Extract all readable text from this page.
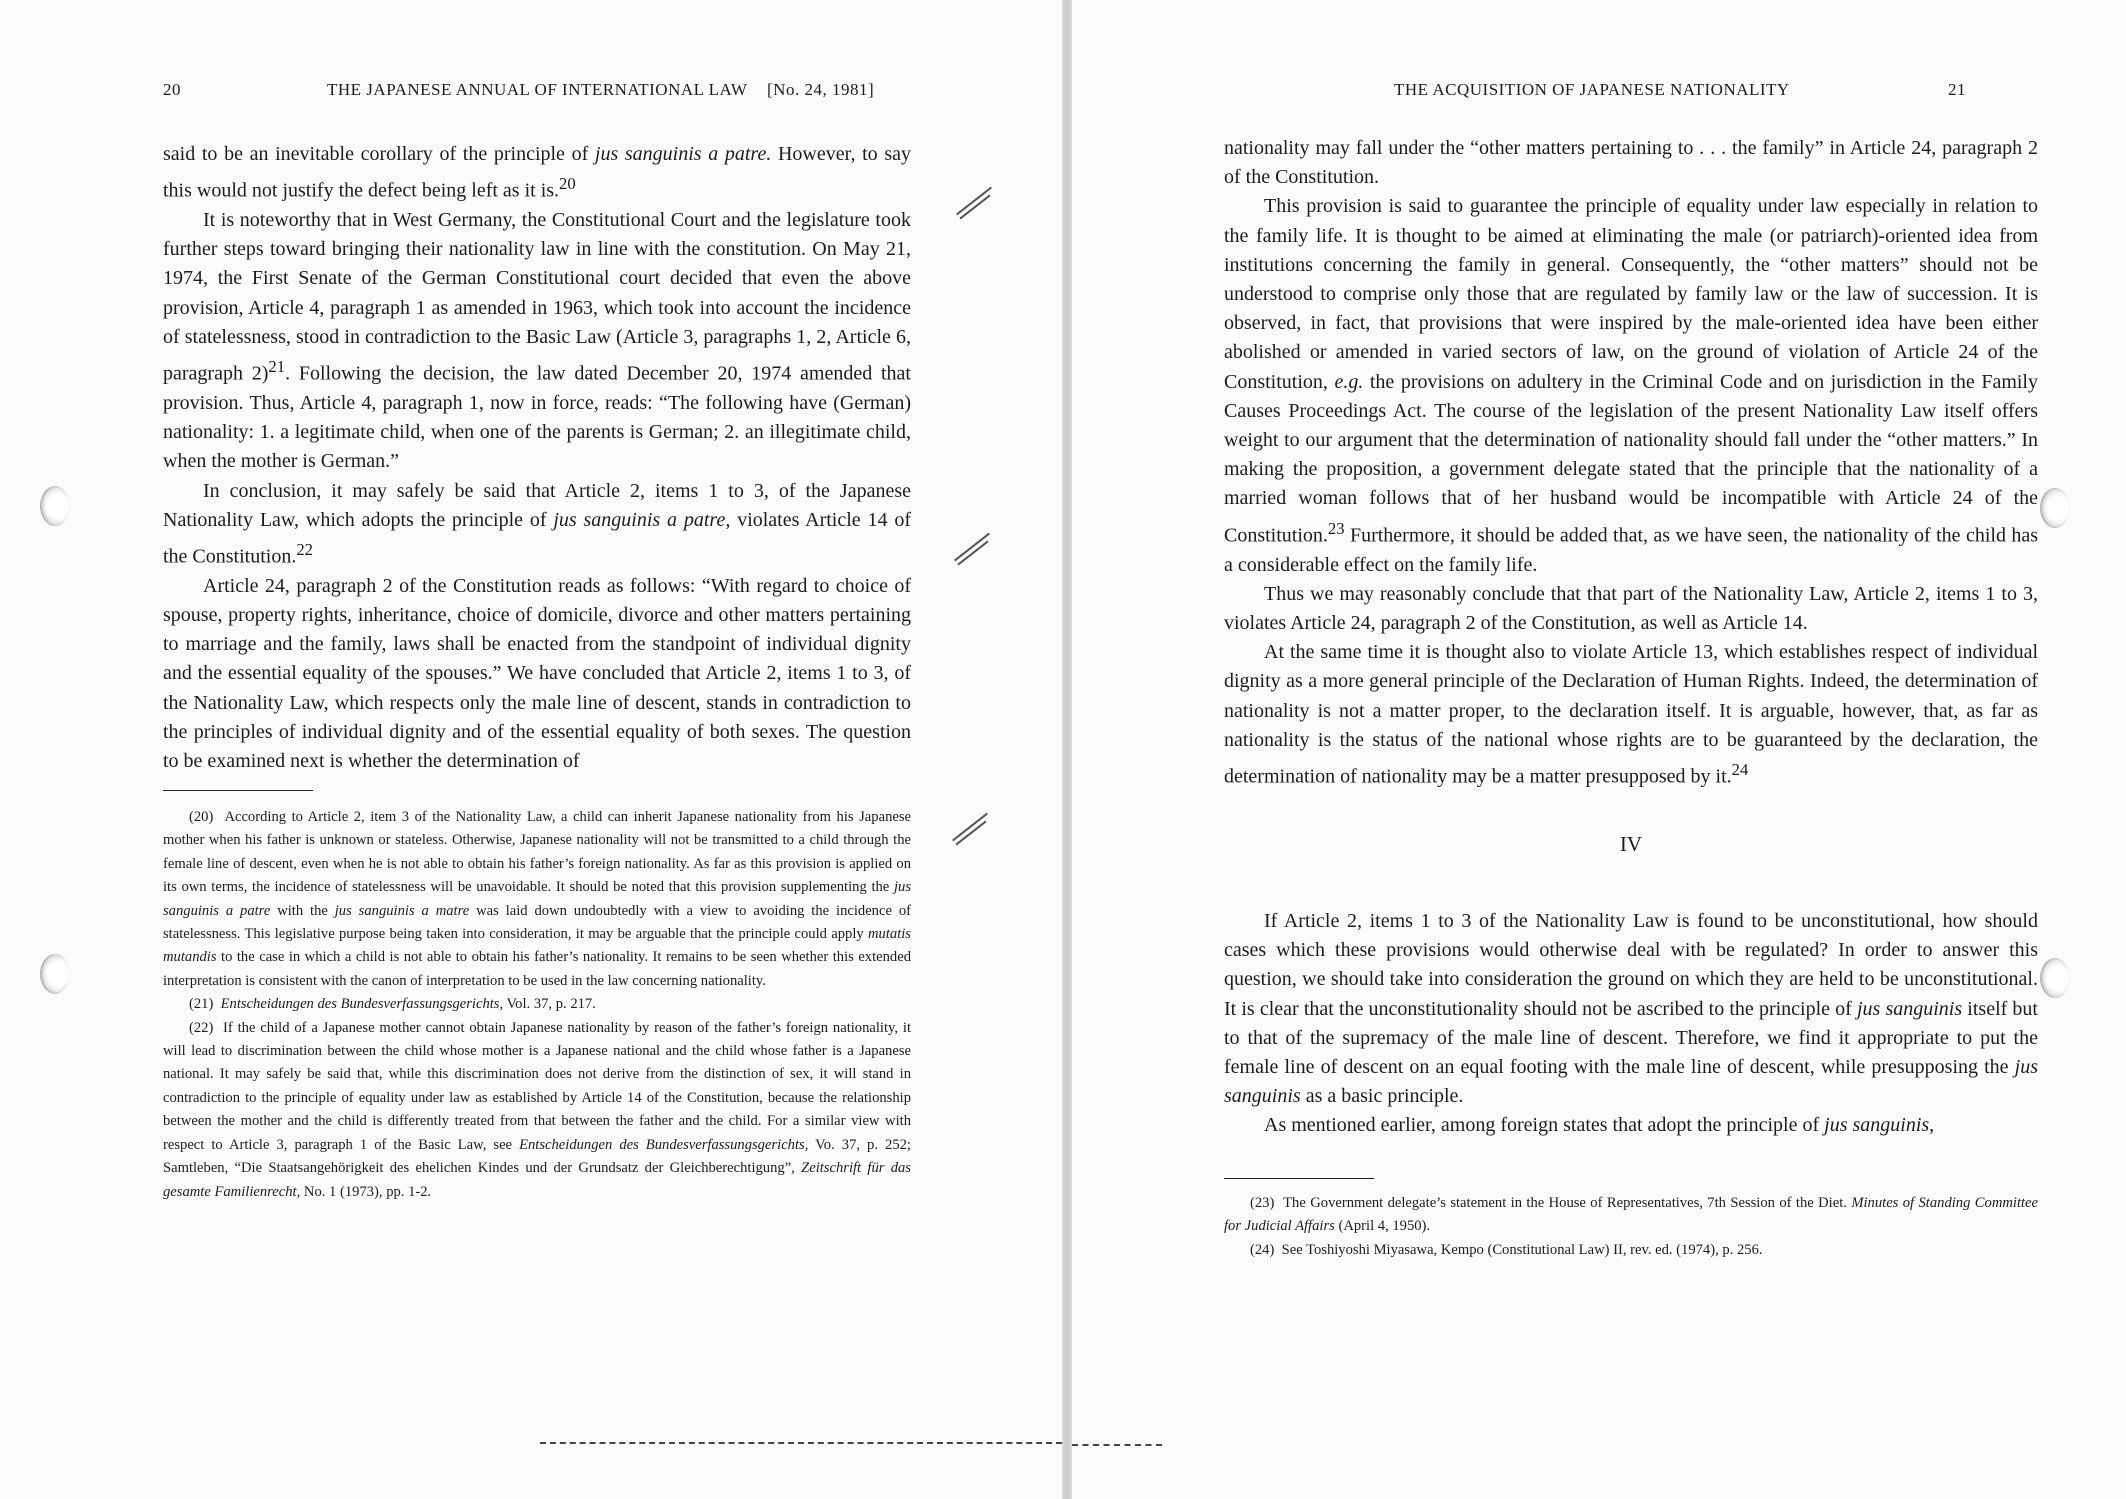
20	THE JAPANESE ANNUAL OF INTERNATIONAL LAW [No. 24, 1981]

said to be an inevitable corollary of the principle of jus sanguinis a patre. However, to say this would not justify the defect being left as it is.$^{20}$

It is noteworthy that in West Germany, the Constitutional Court and the legislature took further steps toward bringing their nationality law in line with the constitution. On May 21, 1974, the First Senate of the German Constitutional court decided that even the above provision, Article 4, paragraph 1 as amended in 1963, which took into account the incidence of statelessness, stood in contradiction to the Basic Law (Article 3, paragraphs 1, 2, Article 6, paragraph 2)$^{21}$. Following the decision, the law dated December 20, 1974 amended that provision. Thus, Article 4, paragraph 1, now in force, reads: “The following have (German) nationality: 1. a legitimate child, when one of the parents is German; 2. an illegitimate child, when the mother is German.”

In conclusion, it may safely be said that Article 2, items 1 to 3, of the Japanese Nationality Law, which adopts the principle of jus sanguinis a patre, violates Article 14 of the Constitution.$^{22}$

Article 24, paragraph 2 of the Constitution reads as follows: “With regard to choice of spouse, property rights, inheritance, choice of domicile, divorce and other matters pertaining to marriage and the family, laws shall be enacted from the standpoint of individual dignity and the essential equality of the spouses.” We have concluded that Article 2, items 1 to 3, of the Nationality Law, which respects only the male line of descent, stands in contradiction to the principles of individual dignity and of the essential equality of both sexes. The question to be examined next is whether the determination of

(20) According to Article 2, item 3 of the Nationality Law, a child can inherit Japanese nationality from his Japanese mother when his father is unknown or stateless. Otherwise, Japanese nationality will not be transmitted to a child through the female line of descent, even when he is not able to obtain his father’s foreign nationality. As far as this provision is applied on its own terms, the incidence of statelessness will be unavoidable. It should be noted that this provision supplementing the jus sanguinis a patre with the jus sanguinis a matre was laid down undoubtedly with a view to avoiding the incidence of statelessness. This legislative purpose being taken into consideration, it may be arguable that the principle could apply mutatis mutandis to the case in which a child is not able to obtain his father’s nationality. It remains to be seen whether this extended interpretation is consistent with the canon of interpretation to be used in the law concerning nationality.

(21) Entscheidungen des Bundesverfassungsgerichts, Vol. 37, p. 217.

(22) If the child of a Japanese mother cannot obtain Japanese nationality by reason of the father’s foreign nationality, it will lead to discrimination between the child whose mother is a Japanese national and the child whose father is a Japanese national. It may safely be said that, while this discrimination does not derive from the distinction of sex, it will stand in contradiction to the principle of equality under law as established by Article 14 of the Constitution, because the relationship between the mother and the child is differently treated from that between the father and the child. For a similar view with respect to Article 3, paragraph 1 of the Basic Law, see Entscheidungen des Bundesverfassungsgerichts, Vo. 37, p. 252; Samtleben, “Die Staatsangehörigkeit des ehelichen Kindes und der Grundsatz der Gleichberechtigung”, Zeitschrift für das gesamte Familienrecht, No. 1 (1973), pp. 1-2.

THE ACQUISITION OF JAPANESE NATIONALITY	21

nationality may fall under the “other matters pertaining to . . . the family” in Article 24, paragraph 2 of the Constitution.

This provision is said to guarantee the principle of equality under law especially in relation to the family life. It is thought to be aimed at eliminating the male (or patriarch)-oriented idea from institutions concerning the family in general. Consequently, the “other matters” should not be understood to comprise only those that are regulated by family law or the law of succession. It is observed, in fact, that provisions that were inspired by the male-oriented idea have been either abolished or amended in varied sectors of law, on the ground of violation of Article 24 of the Constitution, e.g. the provisions on adultery in the Criminal Code and on jurisdiction in the Family Causes Proceedings Act. The course of the legislation of the present Nationality Law itself offers weight to our argument that the determination of nationality should fall under the “other matters.” In making the proposition, a government delegate stated that the principle that the nationality of a married woman follows that of her husband would be incompatible with Article 24 of the Constitution.$^{23}$ Furthermore, it should be added that, as we have seen, the nationality of the child has a considerable effect on the family life.

Thus we may reasonably conclude that that part of the Nationality Law, Article 2, items 1 to 3, violates Article 24, paragraph 2 of the Constitution, as well as Article 14.

At the same time it is thought also to violate Article 13, which establishes respect of individual dignity as a more general principle of the Declaration of Human Rights. Indeed, the determination of nationality is not a matter proper, to the declaration itself. It is arguable, however, that, as far as nationality is the status of the national whose rights are to be guaranteed by the declaration, the determination of nationality may be a matter presupposed by it.$^{24}$

IV

If Article 2, items 1 to 3 of the Nationality Law is found to be unconstitutional, how should cases which these provisions would otherwise deal with be regulated? In order to answer this question, we should take into consideration the ground on which they are held to be unconstitutional. It is clear that the unconstitutionality should not be ascribed to the principle of jus sanguinis itself but to that of the supremacy of the male line of descent. Therefore, we find it appropriate to put the female line of descent on an equal footing with the male line of descent, while presupposing the jus sanguinis as a basic principle.

As mentioned earlier, among foreign states that adopt the principle of jus sanguinis,

(23) The Government delegate’s statement in the House of Representatives, 7th Session of the Diet. Minutes of Standing Committee for Judicial Affairs (April 4, 1950).

(24) See Toshiyoshi Miyasawa, Kempo (Constitutional Law) II, rev. ed. (1974), p. 256.
